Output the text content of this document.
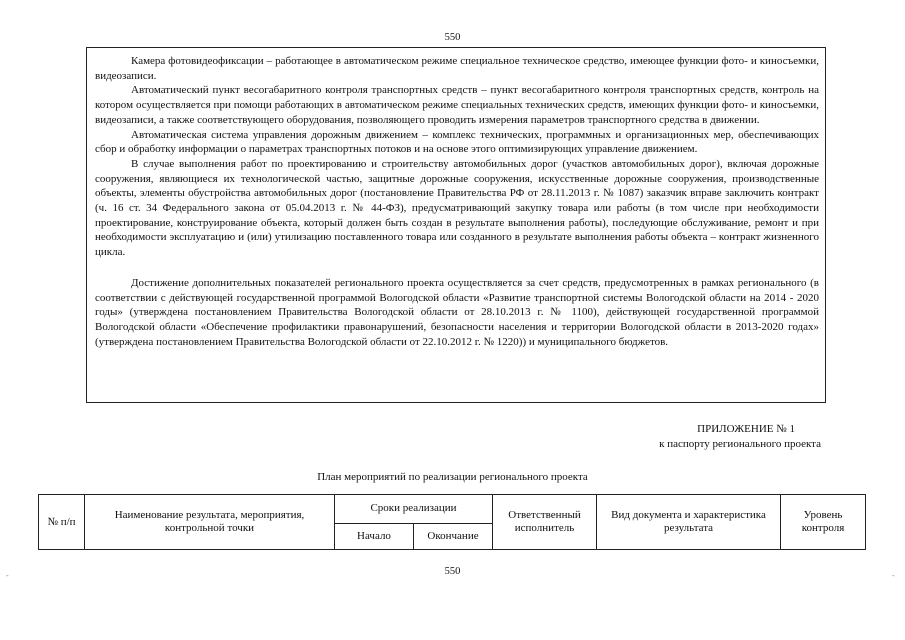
550

Камера фотовидеофиксации – работающее в автоматическом режиме специальное техническое средство, имеющее функции фото- и киносъемки, видеозаписи.

Автоматический пункт весогабаритного контроля транспортных средств – пункт весогабаритного контроля транспортных средств, контроль на котором осуществляется при помощи работающих в автоматическом режиме специальных технических средств, имеющих функции фото- и киносъемки, видеозаписи, а также соответствующего оборудования, позволяющего проводить измерения параметров транспортного средства в движении.

Автоматическая система управления дорожным движением – комплекс технических, программных и организационных мер, обеспечивающих сбор и обработку информации о параметрах транспортных потоков и на основе этого оптимизирующих управление движением.

В случае выполнения работ по проектированию и строительству автомобильных дорог (участков автомобильных дорог), включая дорожные сооружения, являющиеся их технологической частью, защитные дорожные сооружения, искусственные дорожные сооружения, производственные объекты, элементы обустройства автомобильных дорог (постановление Правительства РФ от 28.11.2013 г. № 1087) заказчик вправе заключить контракт (ч. 16 ст. 34 Федерального закона от 05.04.2013 г. № 44-ФЗ), предусматривающий закупку товара или работы (в том числе при необходимости проектирование, конструирование объекта, который должен быть создан в результате выполнения работы), последующие обслуживание, ремонт и при необходимости эксплуатацию и (или) утилизацию поставленного товара или созданного в результате выполнения работы объекта – контракт жизненного цикла.

Достижение дополнительных показателей регионального проекта осуществляется за счет средств, предусмотренных в рамках регионального (в соответствии с действующей государственной программой Вологодской области «Развитие транспортной системы Вологодской области на 2014 - 2020 годы» (утверждена постановлением Правительства Вологодской области от 28.10.2013 г. № 1100), действующей государственной программой Вологодской области «Обеспечение профилактики правонарушений, безопасности населения и территории Вологодской области в 2013-2020 годах» (утверждена постановлением Правительства Вологодской области от 22.10.2012 г. № 1220)) и муниципального бюджетов.

ПРИЛОЖЕНИЕ № 1
к паспорту регионального проекта
План мероприятий по реализации регионального проекта
№ п/п	Наименование результата, мероприятия, контрольной точки	Сроки реализации		Ответственный исполнитель	Вид документа и характеристика результата	Уровень контроля
		Начало	Окончание			
550
-	-
